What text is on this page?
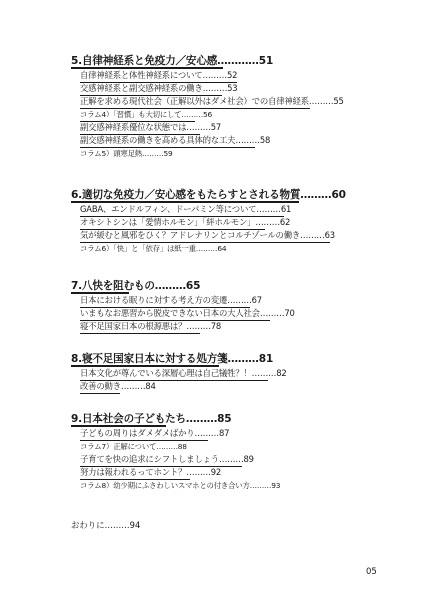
5.自律神経系と免疫力／安心感…………51
自律神経系と体性神経系について………52
交感神経系と副交感神経系の働き………53
正解を求める現代社会（正解以外はダメ社会）での自律神経系………55
コラム4）「習慣」も大切にして………56
副交感神経系優位な状態では………57
副交感神経系の働きを高める具体的な工夫………58
コラム5）頭寒足熱………59
6.適切な免疫力／安心感をもたらすとされる物質………60
GABA、エンドルフィン、ドーパミン等について………61
オキシトシンは「愛情ホルモン」「絆ホルモン」………62
気が緩むと風邪をひく？アドレナリンとコルチゾールの働き………63
コラム6）「快」と「依存」は紙一重………64
7.八快を阻むもの………65
日本における眠りに対する考え方の変遷………67
いまもなお悪習から脱皮できない日本の大人社会………70
寝不足国家日本の根源悪は？………78
8.寝不足国家日本に対する処方箋………81
日本文化が尊んでいる深層心理は自己犠牲？！………82
改善の動き………84
9.日本社会の子どもたち………85
子どもの周りはダメダメばかり………87
コラム7）正解について………88
子育てを快の追求にシフトしましょう………89
努力は報われるってホント？………92
コラム8）幼少期にふさわしいスマホとの付き合い方………93
おわりに………94
05
